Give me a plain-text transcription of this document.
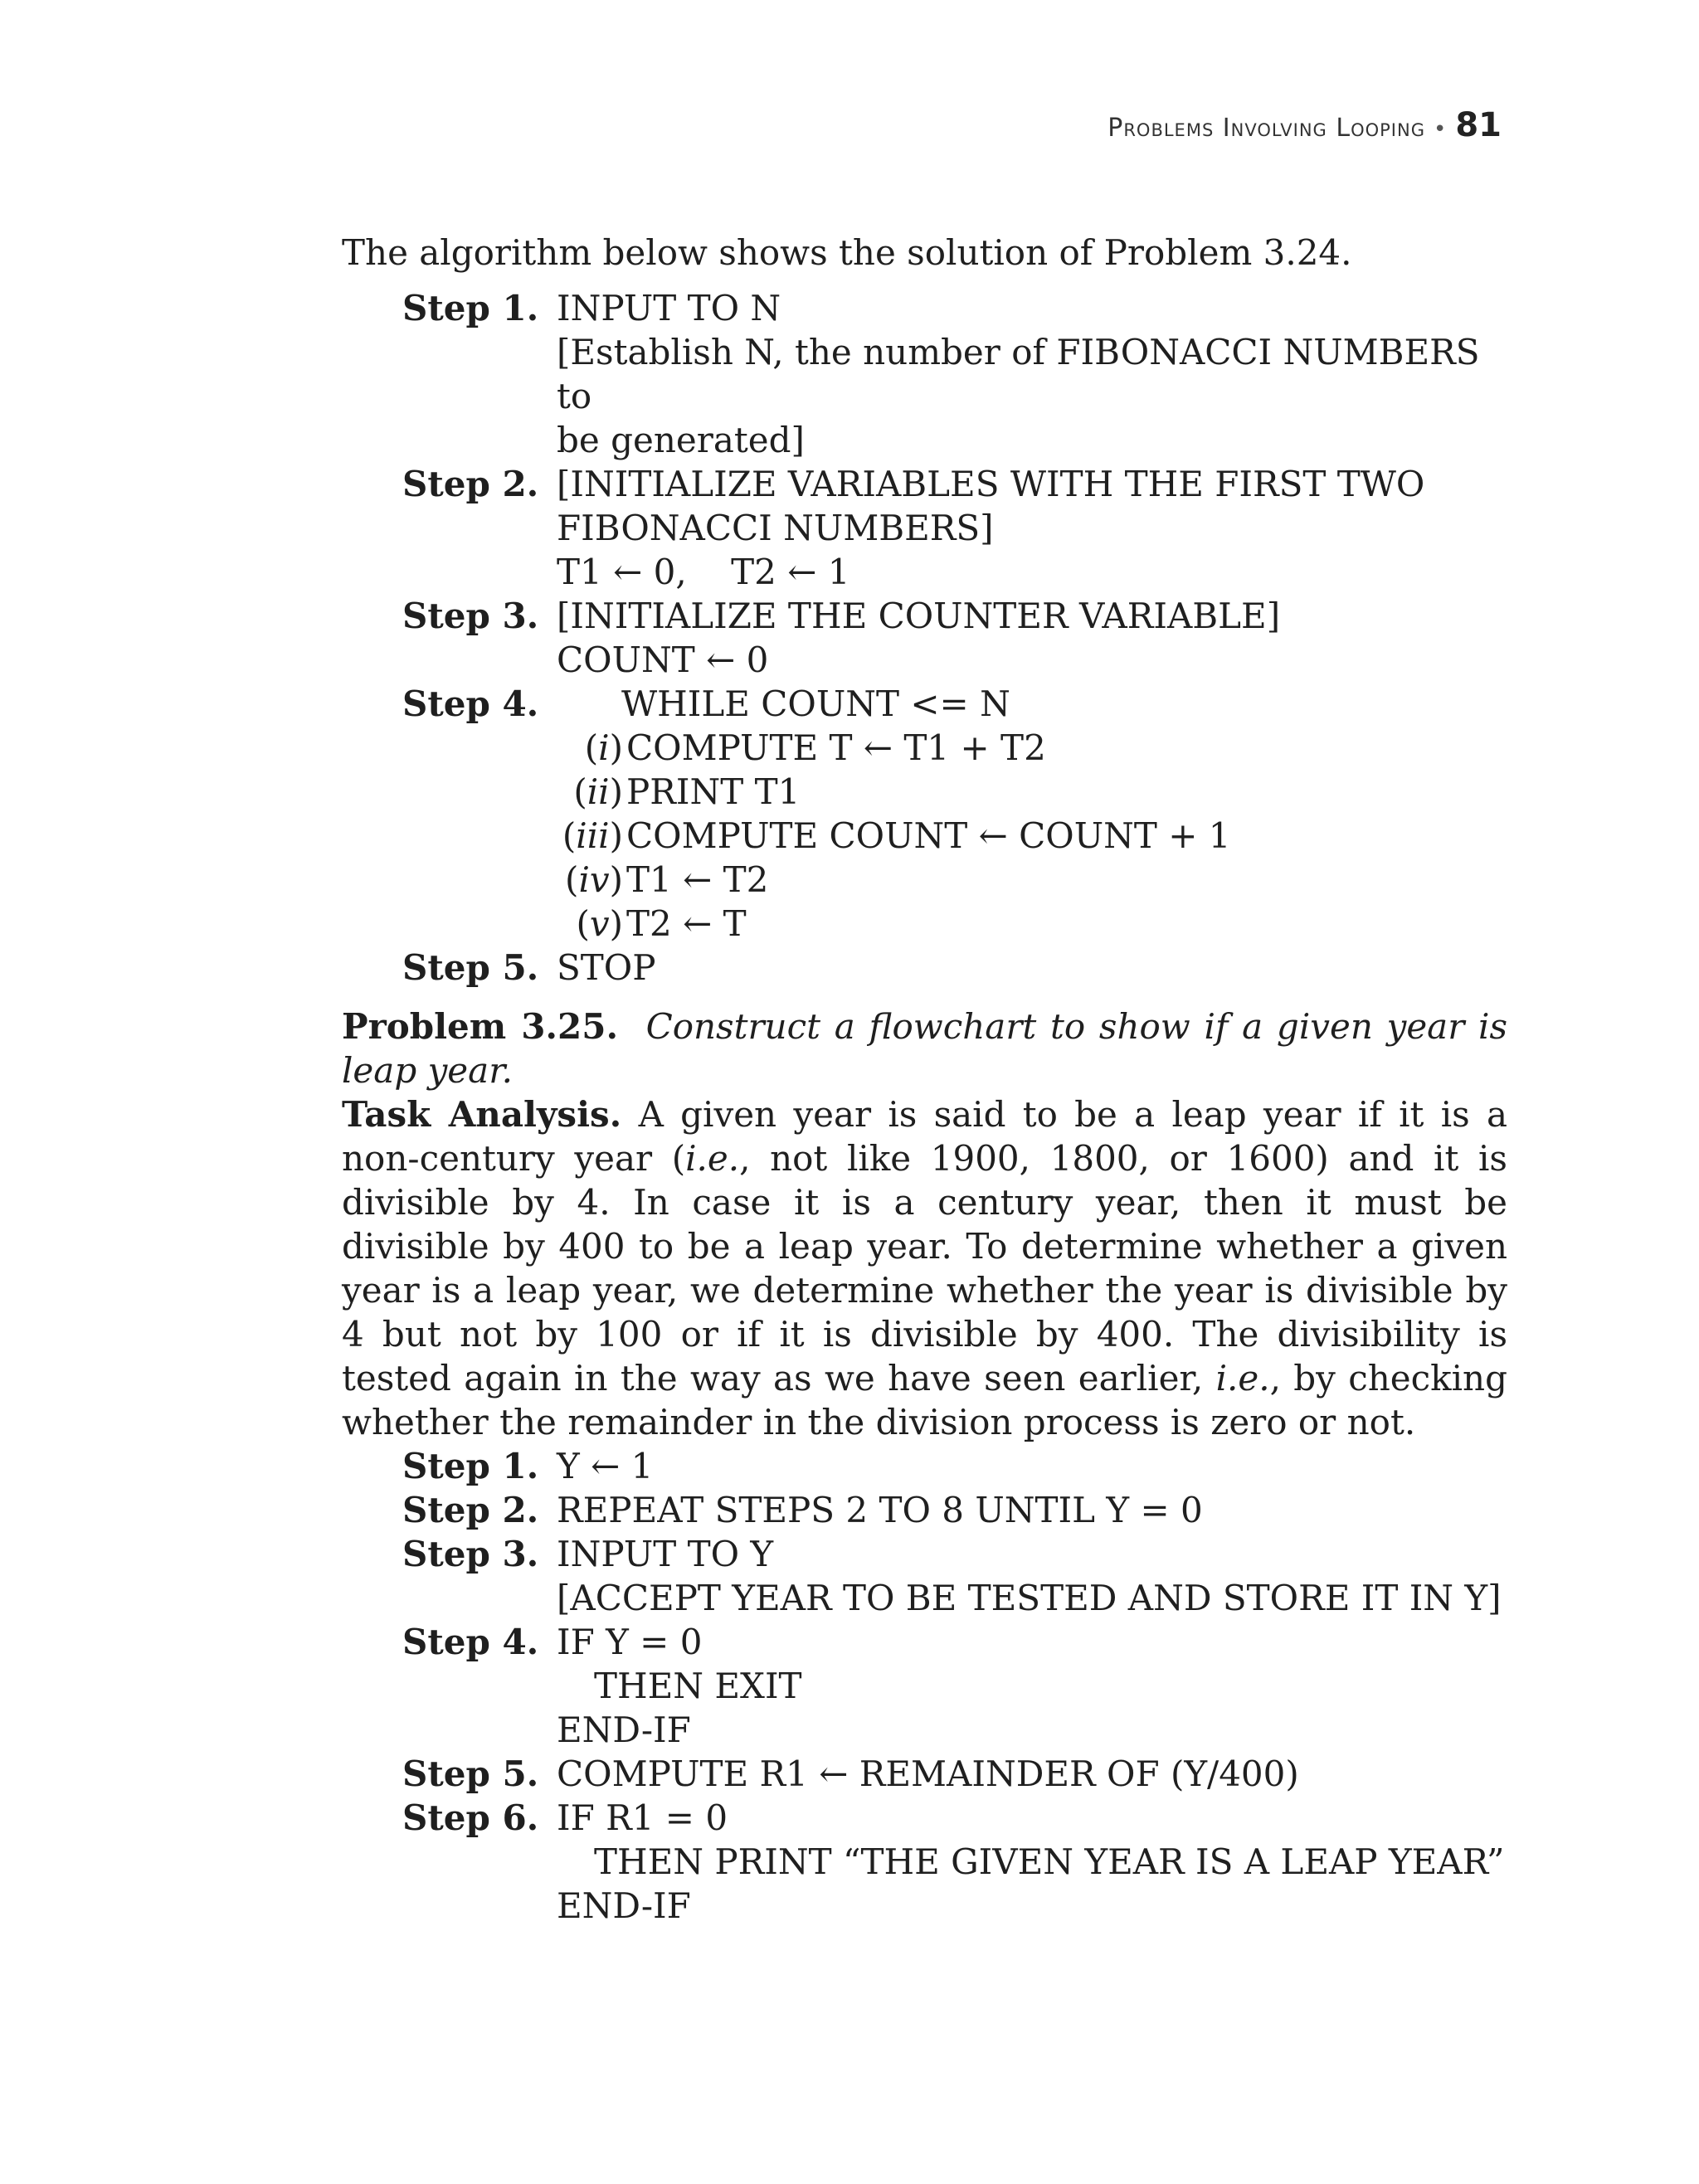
Problems Involving Looping • 81

The algorithm below shows the solution of Problem 3.24.

Step 1. INPUT TO N
[Establish N, the number of FIBONACCI NUMBERS to
be generated]
Step 2. [INITIALIZE VARIABLES WITH THE FIRST TWO
FIBONACCI NUMBERS]
T1 ← 0,    T2 ← 1
Step 3. [INITIALIZE THE COUNTER VARIABLE]
COUNT ← 0
Step 4.	WHILE COUNT <= N
(i)COMPUTE T ← T1 + T2
(ii)PRINT T1
(iii)COMPUTE COUNT ← COUNT + 1
(iv)T1 ← T2
(v)T2 ← T
Step 5. STOP

Problem 3.25. Construct a flowchart to show if a given year is leap year.

Task Analysis. A given year is said to be a leap year if it is a non-century year (i.e., not like 1900, 1800, or 1600) and it is divisible by 4. In case it is a century year, then it must be divisible by 400 to be a leap year. To determine whether a given year is a leap year, we determine whether the year is divisible by 4 but not by 100 or if it is divisible by 400. The divisibility is tested again in the way as we have seen earlier, i.e., by checking whether the remainder in the division process is zero or not.

Step 1. Y ← 1
Step 2. REPEAT STEPS 2 TO 8 UNTIL Y = 0
Step 3. INPUT TO Y
[ACCEPT YEAR TO BE TESTED AND STORE IT IN Y]
Step 4. IF Y = 0
THEN EXIT
END-IF
Step 5. COMPUTE R1 ← REMAINDER OF (Y/400)
Step 6. IF R1 = 0
THEN PRINT “THE GIVEN YEAR IS A LEAP YEAR”
END-IF
